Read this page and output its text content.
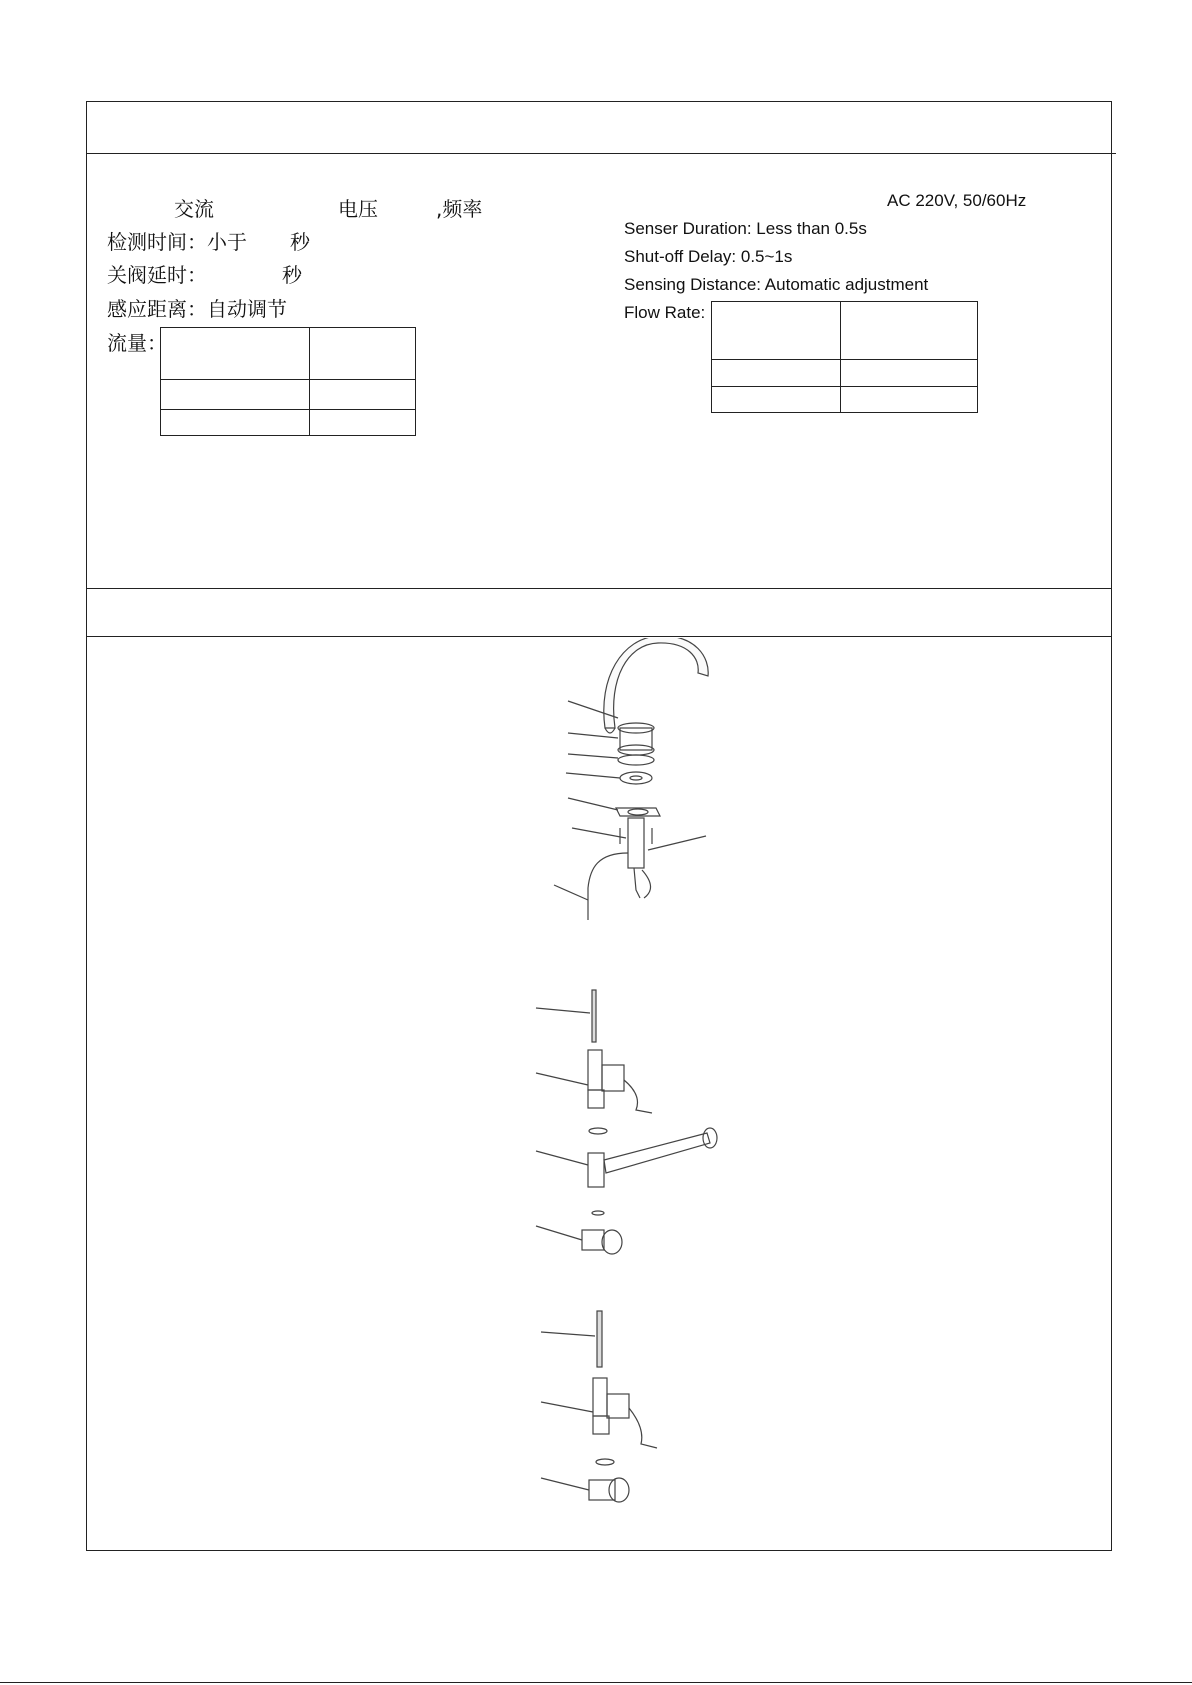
交流	电压	,频率
检测时间：小于 秒
关阀延时：	秒
感应距离：自动调节
流量：

AC 220V, 50/60Hz
Senser Duration: Less than 0.5s
Shut-off Delay: 0.5~1s
Sensing Distance: Automatic adjustment
Flow Rate:
